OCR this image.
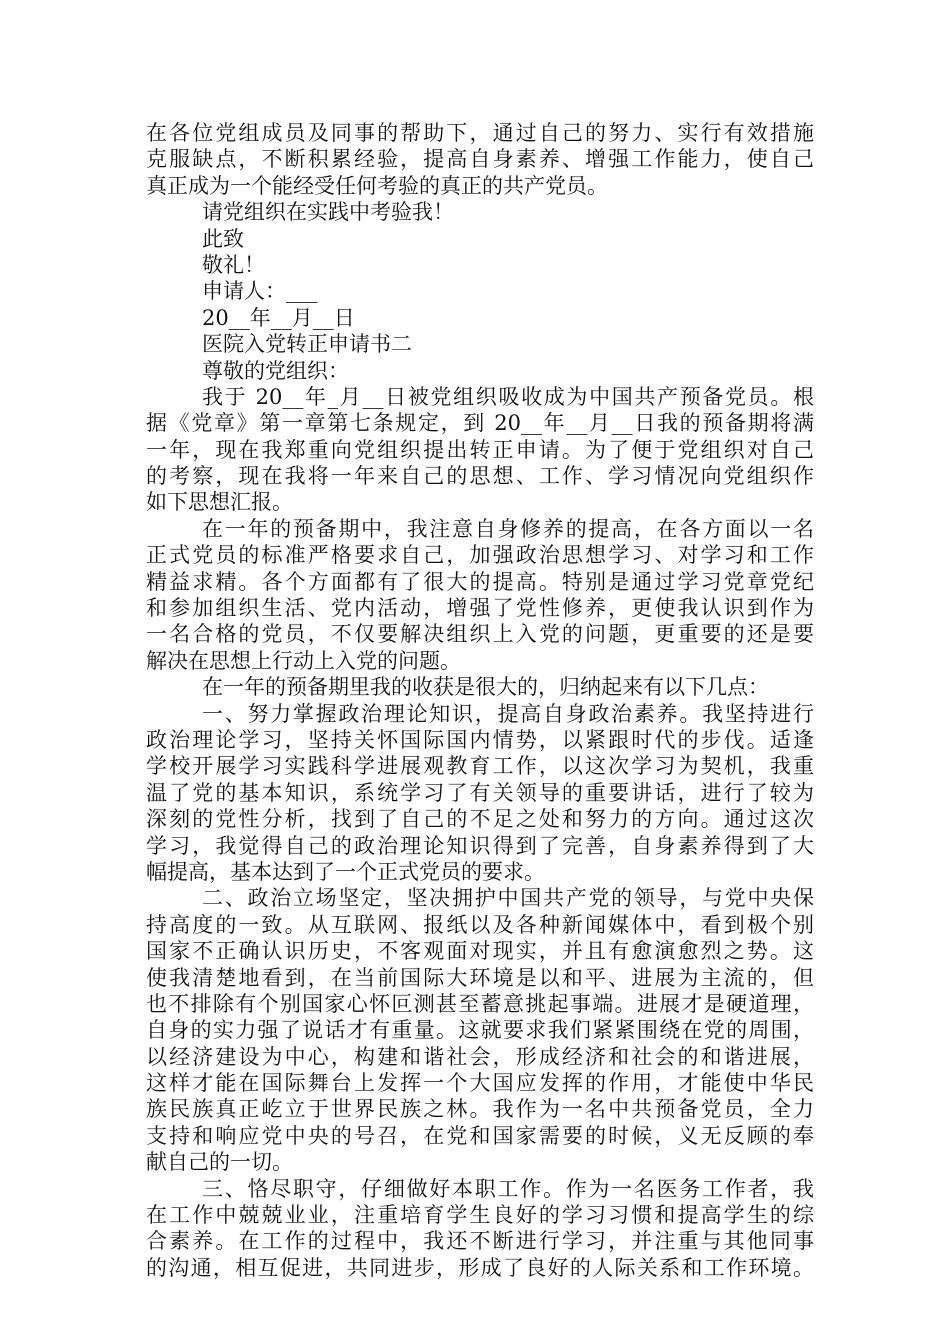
在各位党组成员及同事的帮助下，通过自己的努力、实行有效措施
克服缺点，不断积累经验，提高自身素养、增强工作能力，使自己
真正成为一个能经受任何考验的真正的共产党员。
请党组织在实践中考验我！
此致
敬礼！
申请人：___
20__年__月__日
医院入党转正申请书二
尊敬的党组织：
我于 20__年_月__日被党组织吸收成为中国共产预备党员。根
据《党章》第一章第七条规定，到 20__年__月__日我的预备期将满
一年，现在我郑重向党组织提出转正申请。为了便于党组织对自己
的考察，现在我将一年来自己的思想、工作、学习情况向党组织作
如下思想汇报。
在一年的预备期中，我注意自身修养的提高，在各方面以一名
正式党员的标准严格要求自己，加强政治思想学习、对学习和工作
精益求精。各个方面都有了很大的提高。特别是通过学习党章党纪
和参加组织生活、党内活动，增强了党性修养，更使我认识到作为
一名合格的党员，不仅要解决组织上入党的问题，更重要的还是要
解决在思想上行动上入党的问题。
在一年的预备期里我的收获是很大的，归纳起来有以下几点：
一、努力掌握政治理论知识，提高自身政治素养。我坚持进行
政治理论学习，坚持关怀国际国内情势，以紧跟时代的步伐。适逢
学校开展学习实践科学进展观教育工作，以这次学习为契机，我重
温了党的基本知识，系统学习了有关领导的重要讲话，进行了较为
深刻的党性分析，找到了自己的不足之处和努力的方向。通过这次
学习，我觉得自己的政治理论知识得到了完善，自身素养得到了大
幅提高，基本达到了一个正式党员的要求。
二、政治立场坚定，坚决拥护中国共产党的领导，与党中央保
持高度的一致。从互联网、报纸以及各种新闻媒体中，看到极个别
国家不正确认识历史，不客观面对现实，并且有愈演愈烈之势。这
使我清楚地看到，在当前国际大环境是以和平、进展为主流的，但
也不排除有个别国家心怀叵测甚至蓄意挑起事端。进展才是硬道理，
自身的实力强了说话才有重量。这就要求我们紧紧围绕在党的周围，
以经济建设为中心，构建和谐社会，形成经济和社会的和谐进展，
这样才能在国际舞台上发挥一个大国应发挥的作用，才能使中华民
族民族真正屹立于世界民族之林。我作为一名中共预备党员，全力
支持和响应党中央的号召，在党和国家需要的时候，义无反顾的奉
献自己的一切。
三、恪尽职守，仔细做好本职工作。作为一名医务工作者，我
在工作中兢兢业业，注重培育学生良好的学习习惯和提高学生的综
合素养。在工作的过程中，我还不断进行学习，并注重与其他同事
的沟通，相互促进，共同进步，形成了良好的人际关系和工作环境。
